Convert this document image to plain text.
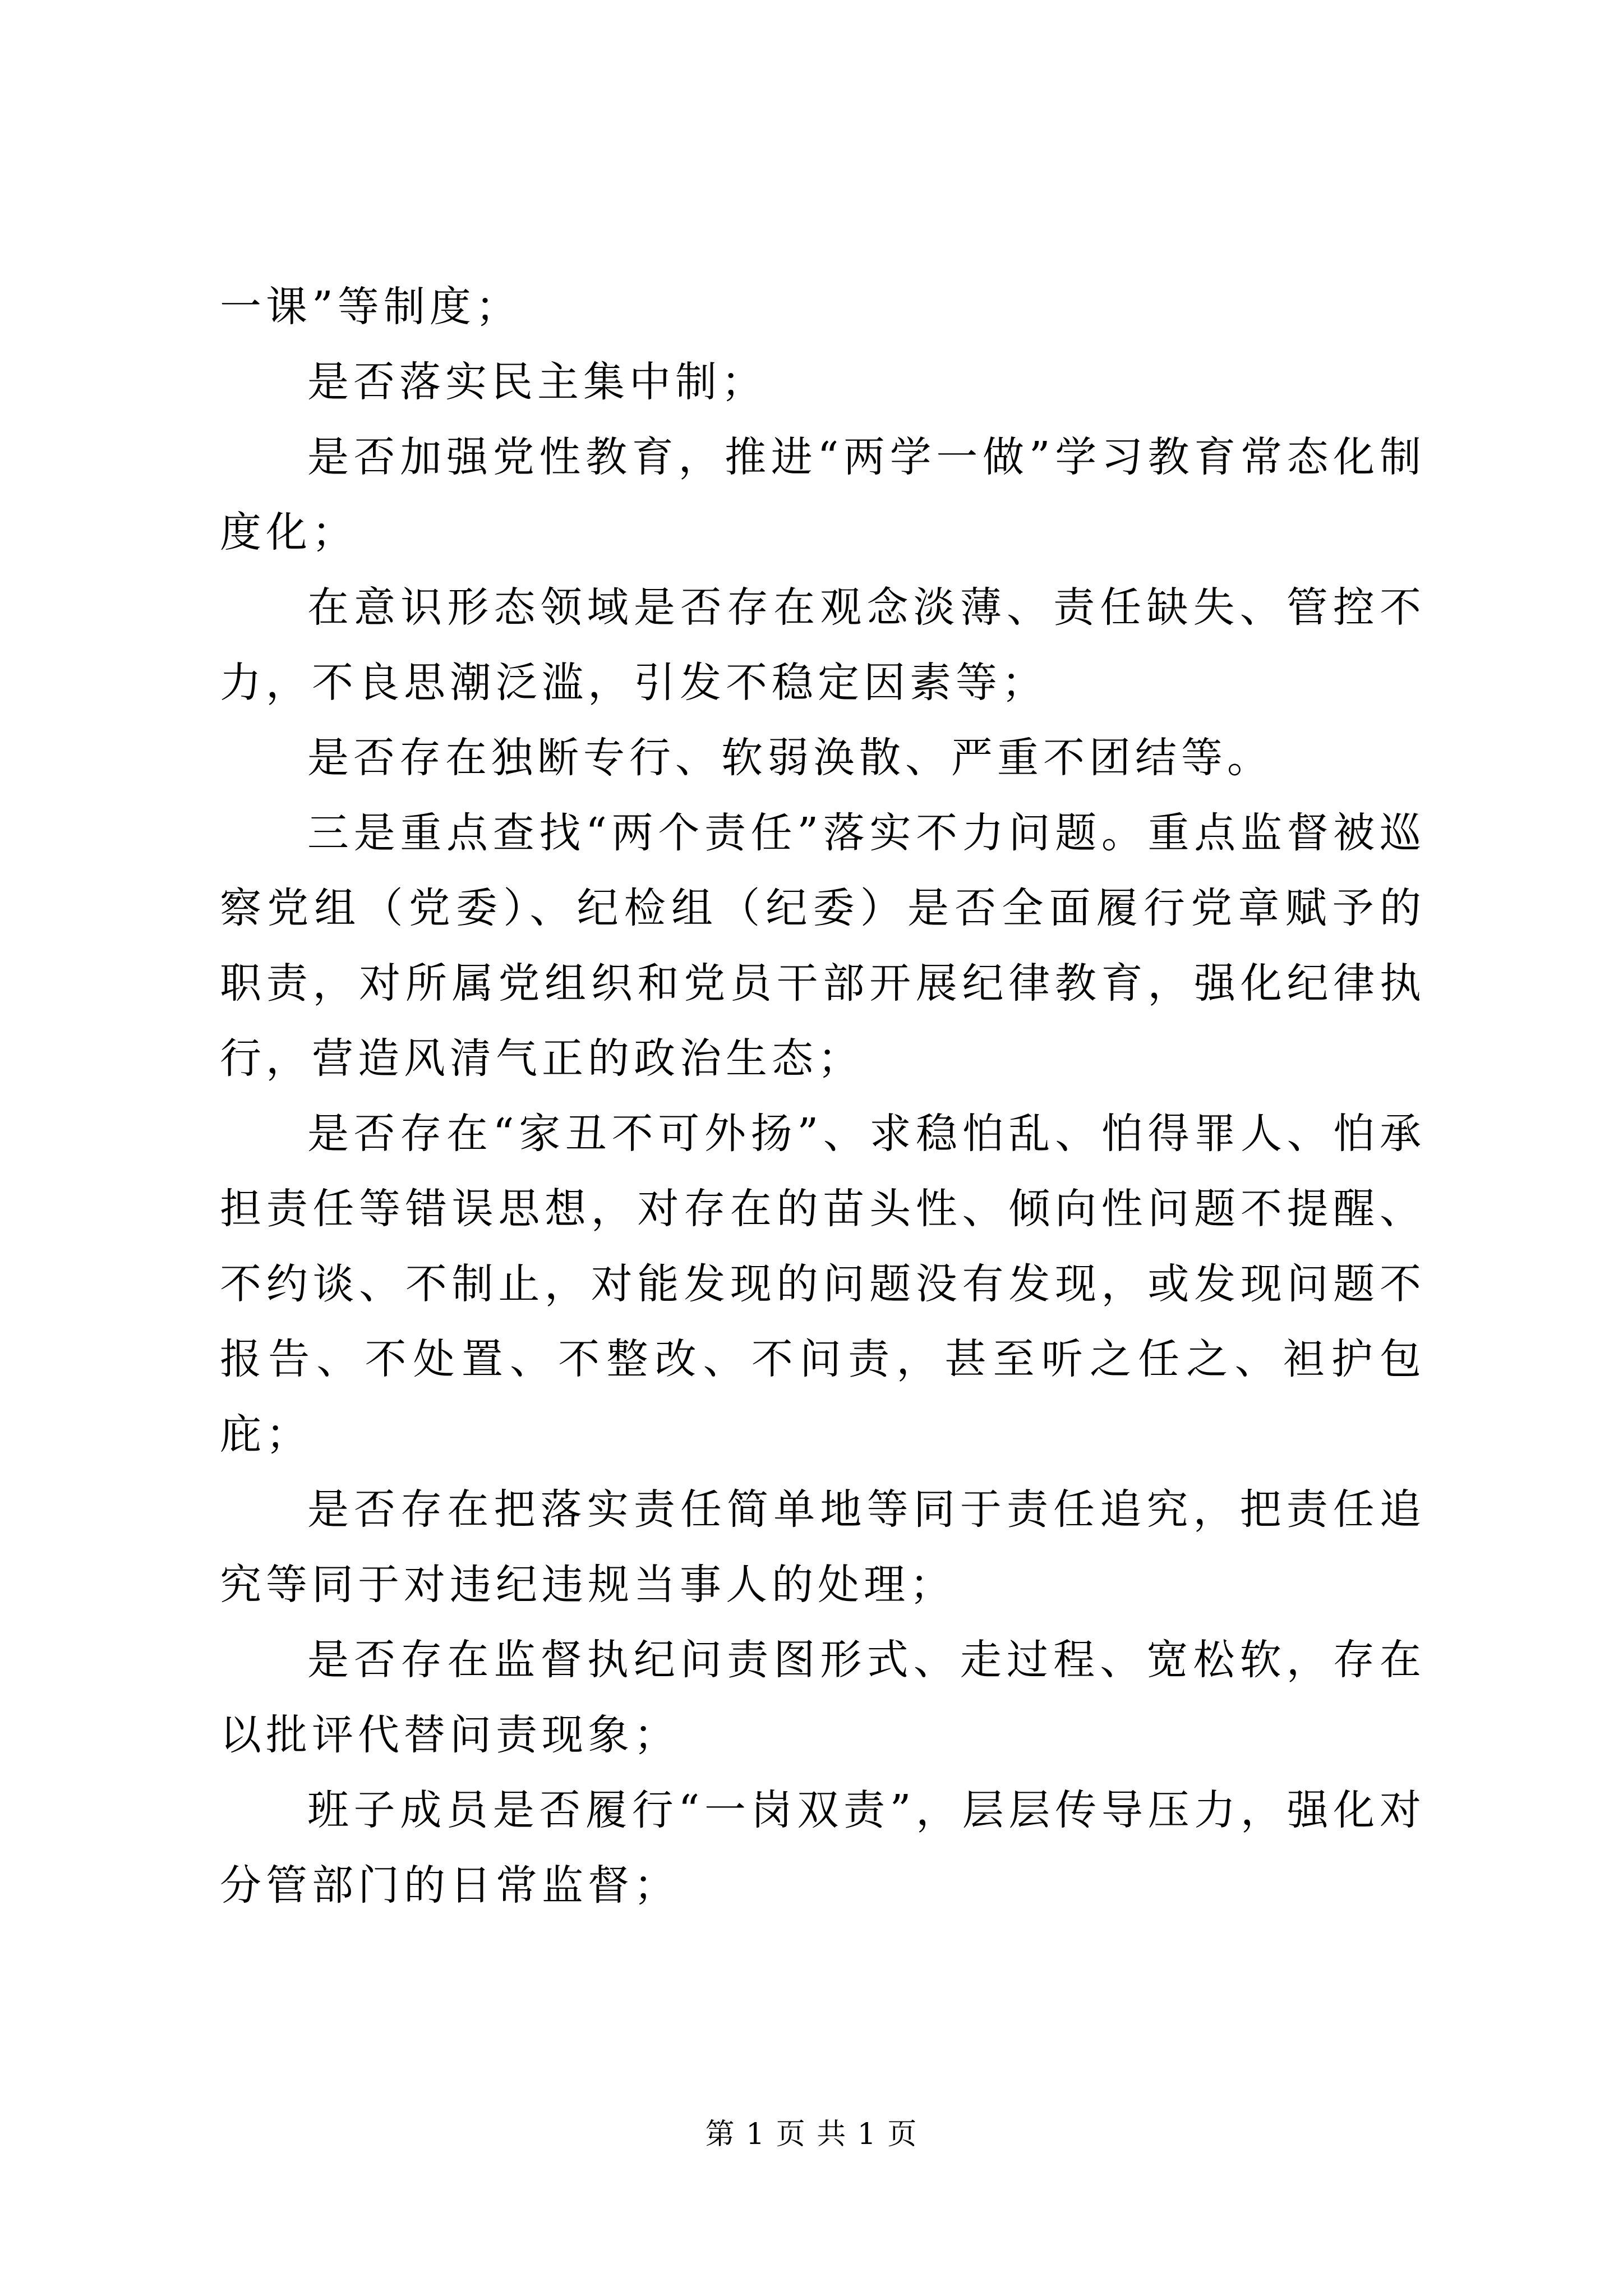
一课”等制度；

是否落实民主集中制；

是否加强党性教育，推进“两学一做”学习教育常态化制度化；

在意识形态领域是否存在观念淡薄、责任缺失、管控不力，不良思潮泛滥，引发不稳定因素等；

是否存在独断专行、软弱涣散、严重不团结等。

三是重点查找“两个责任”落实不力问题。重点监督被巡察党组（党委）、纪检组（纪委）是否全面履行党章赋予的职责，对所属党组织和党员干部开展纪律教育，强化纪律执行，营造风清气正的政治生态；

是否存在“家丑不可外扬”、求稳怕乱、怕得罪人、怕承担责任等错误思想，对存在的苗头性、倾向性问题不提醒、不约谈、不制止，对能发现的问题没有发现，或发现问题不报告、不处置、不整改、不问责，甚至听之任之、袒护包庇；

是否存在把落实责任简单地等同于责任追究，把责任追究等同于对违纪违规当事人的处理；

是否存在监督执纪问责图形式、走过程、宽松软，存在以批评代替问责现象；

班子成员是否履行“一岗双责”，层层传导压力，强化对分管部门的日常监督；

第 1 页 共 1 页
